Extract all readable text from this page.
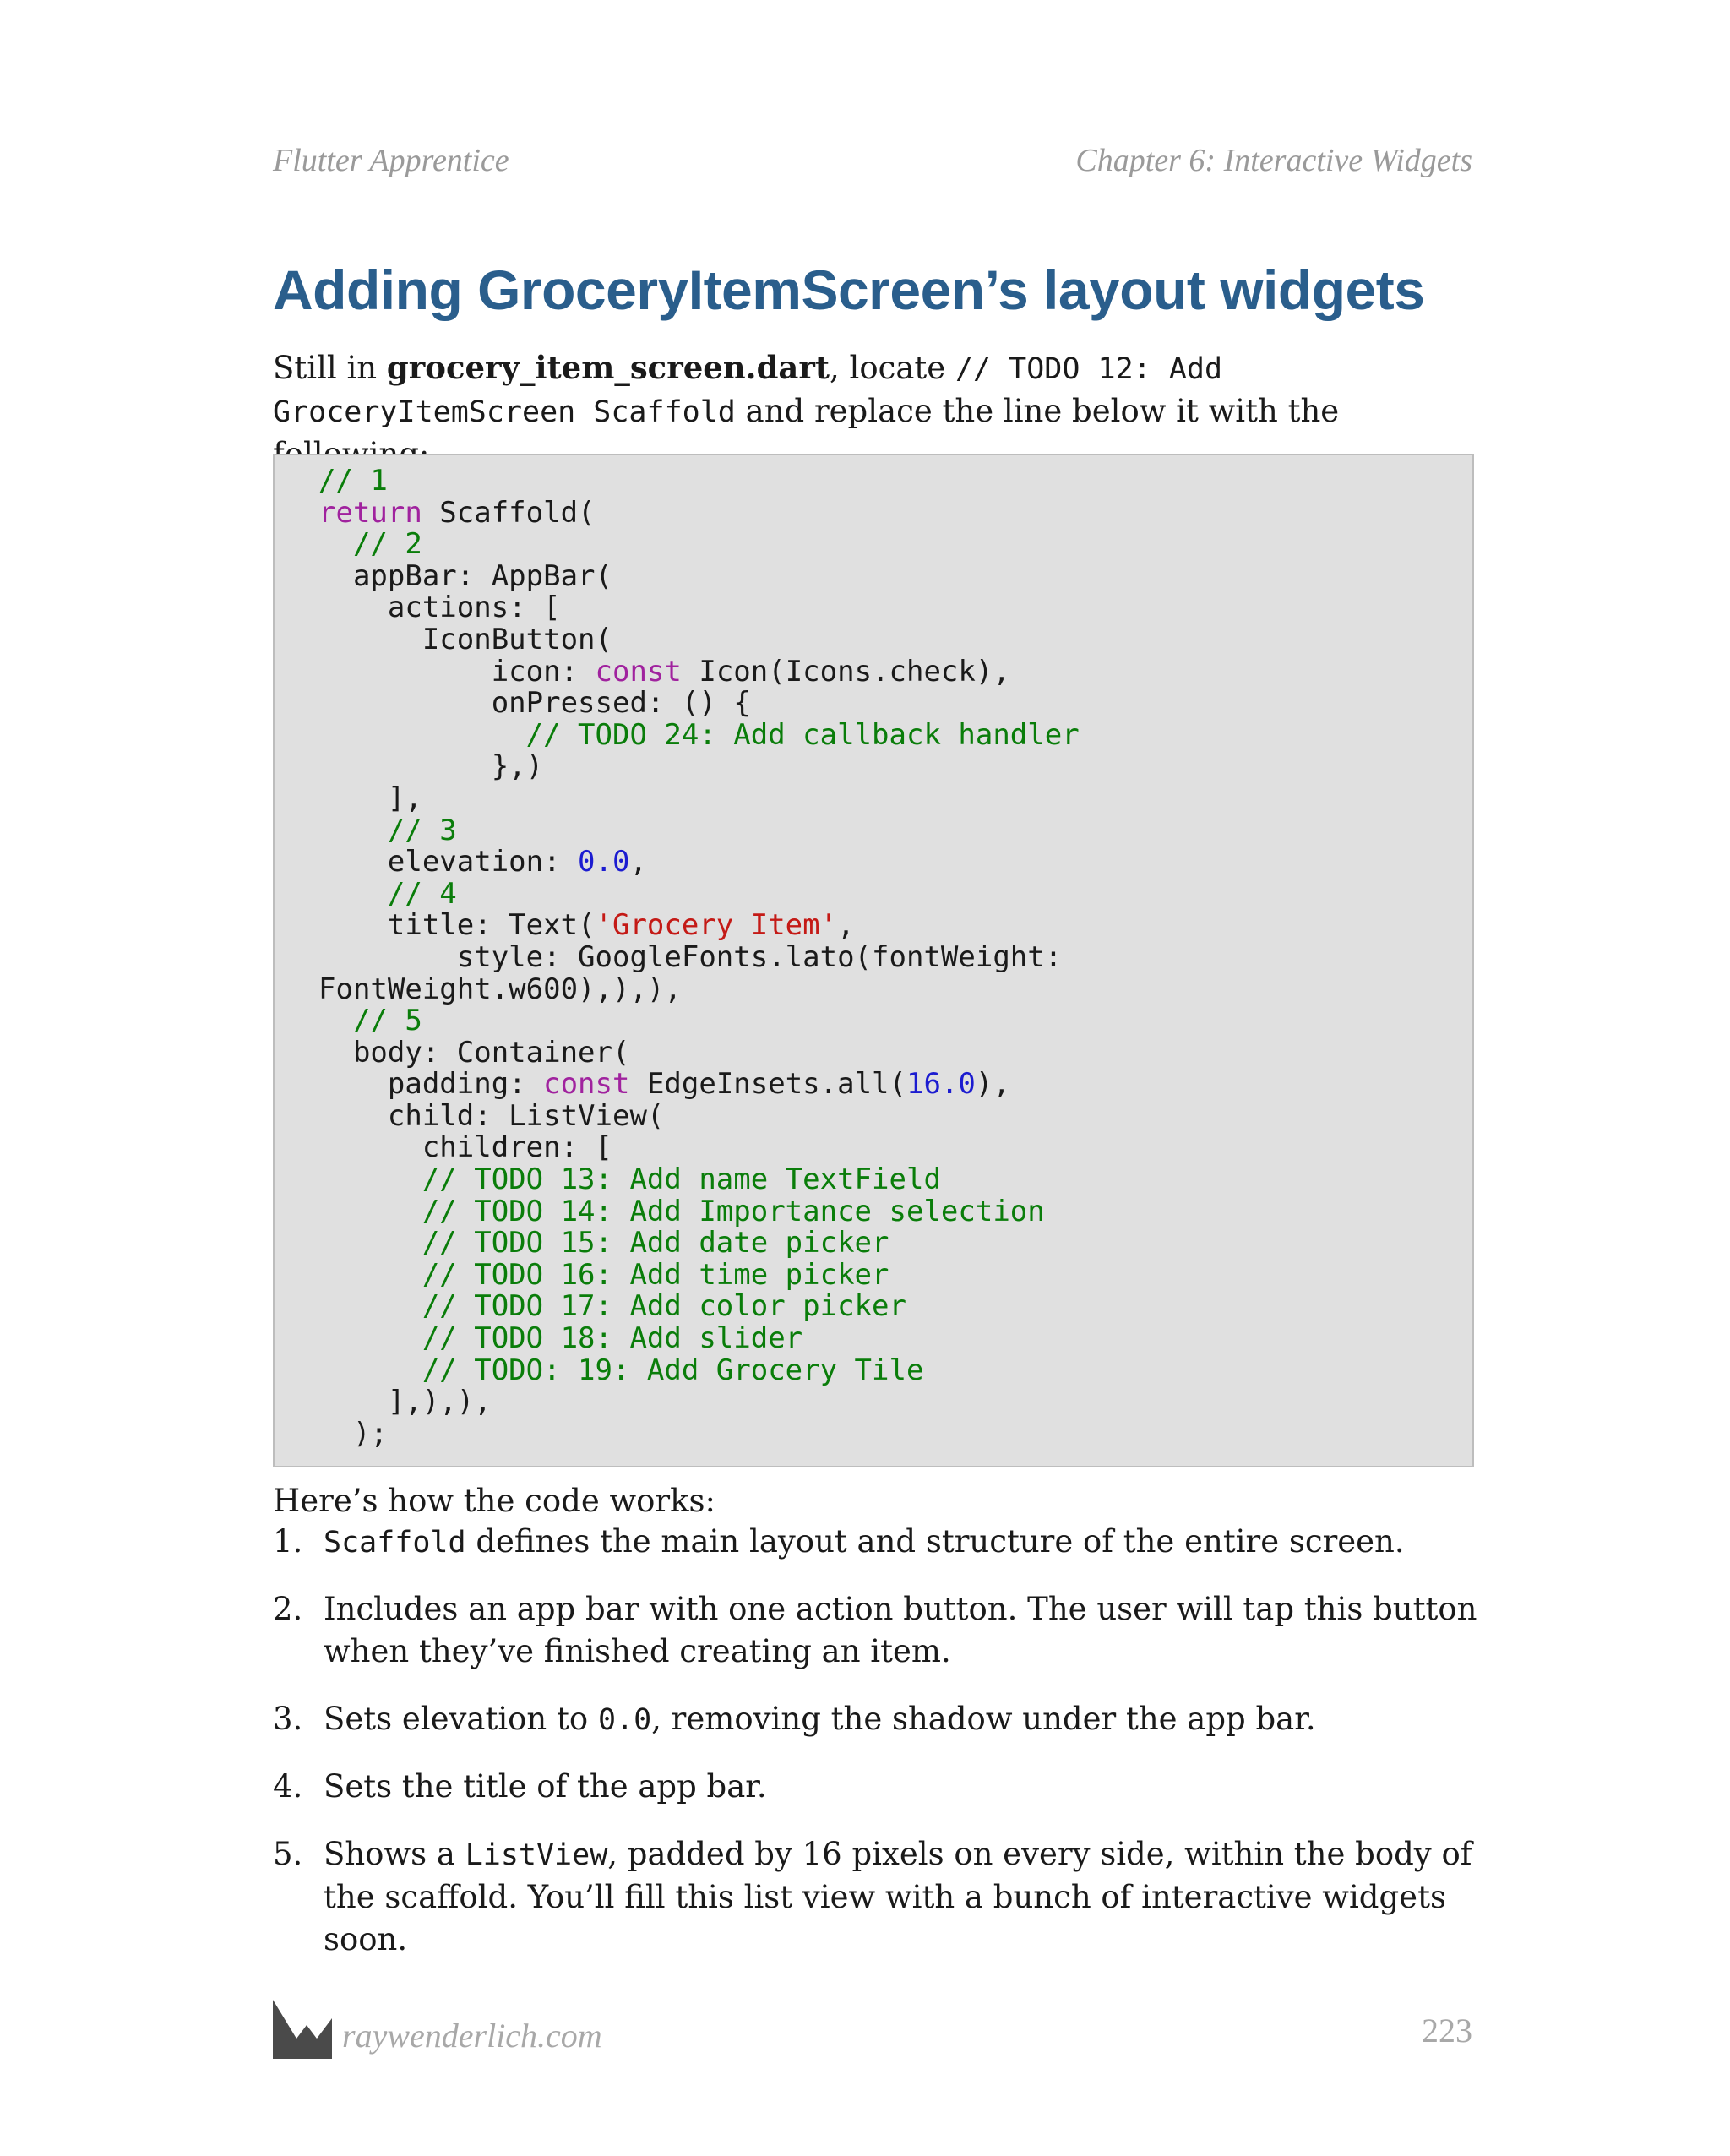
Flutter Apprentice	Chapter 6: Interactive Widgets
Adding GroceryItemScreen’s layout widgets
Still in grocery_item_screen.dart, locate // TODO 12: Add GroceryItemScreen Scaffold and replace the line below it with the
// 1
return Scaffold(
// 2
appBar: AppBar(
actions: [
IconButton(
icon: const Icon(Icons.check),
onPressed: () {
// TODO 24: Add callback handler
},)
],
// 3
elevation: 0.0,
// 4
title: Text('Grocery Item',
style: GoogleFonts.lato(fontWeight:
FontWeight.w600),),),
// 5
body: Container(
padding: const EdgeInsets.all(16.0),
child: ListView(
children: [
// TODO 13: Add name TextField
// TODO 14: Add Importance selection
// TODO 15: Add date picker
// TODO 16: Add time picker
// TODO 17: Add color picker
// TODO 18: Add slider
// TODO: 19: Add Grocery Tile
],),),
);

Here’s how the code works:

1. Scaffold defines the main layout and structure of the entire screen.
2. Includes an app bar with one action button. The user will tap this button when they’ve finished creating an item.
3. Sets elevation to 0.0, removing the shadow under the app bar.
4. Sets the title of the app bar.
5. Shows a ListView, padded by 16 pixels on every side, within the body of the scaffold. You’ll fill this list view with a bunch of interactive widgets soon.
raywenderlich.com	223
